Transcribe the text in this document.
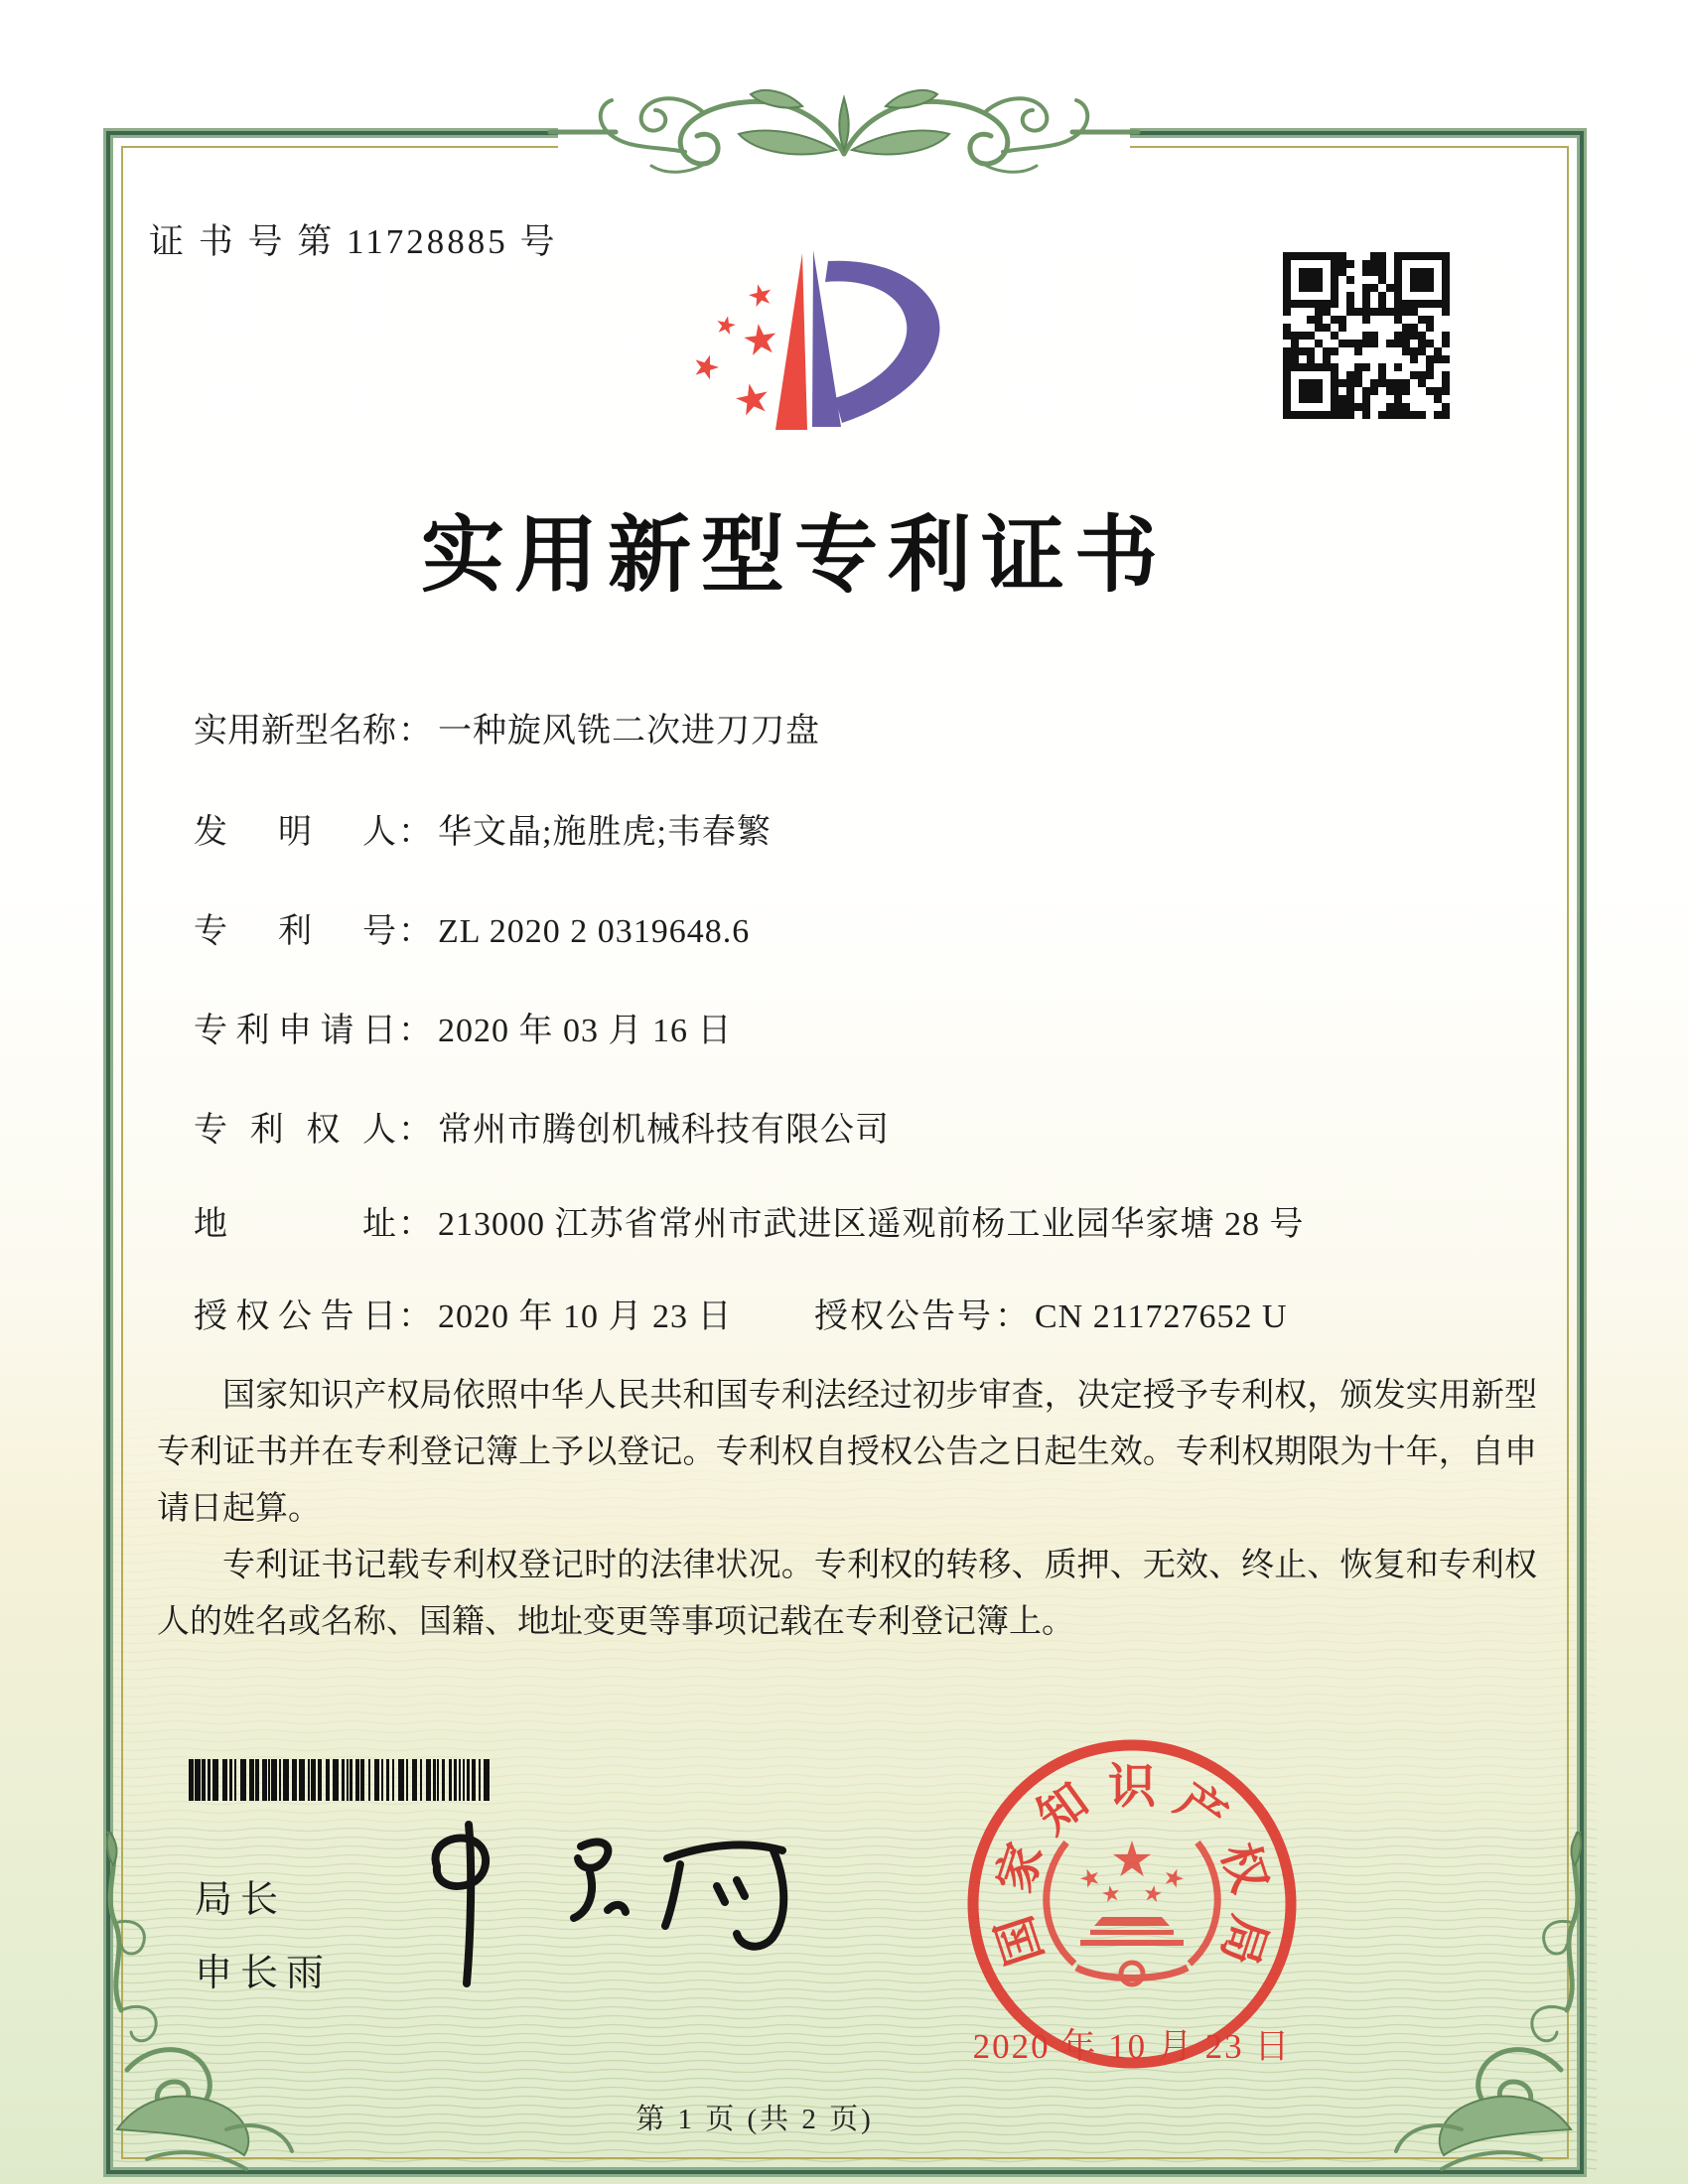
证 书 号 第 11728885 号
实用新型专利证书
实用新型名称： 一种旋风铣二次进刀刀盘
发明人： 华文晶;施胜虎;韦春繁
专利号： ZL 2020 2 0319648.6
专利申请日： 2020 年 03 月 16 日
专利权人： 常州市腾创机械科技有限公司
地址： 213000 江苏省常州市武进区遥观前杨工业园华家塘 28 号
授权公告日： 2020 年 10 月 23 日 授权公告号： CN 211727652 U

国家知识产权局依照中华人民共和国专利法经过初步审查，决定授予专利权，颁发实用新型专利证书并在专利登记簿上予以登记。专利权自授权公告之日起生效。专利权期限为十年，自申请日起算。

专利证书记载专利权登记时的法律状况。专利权的转移、质押、无效、终止、恢复和专利权人的姓名或名称、国籍、地址变更等事项记载在专利登记簿上。

局长
申长雨
国
家
知 识 产
权
局
2020 年 10 月 23 日
第 1 页 (共 2 页)
